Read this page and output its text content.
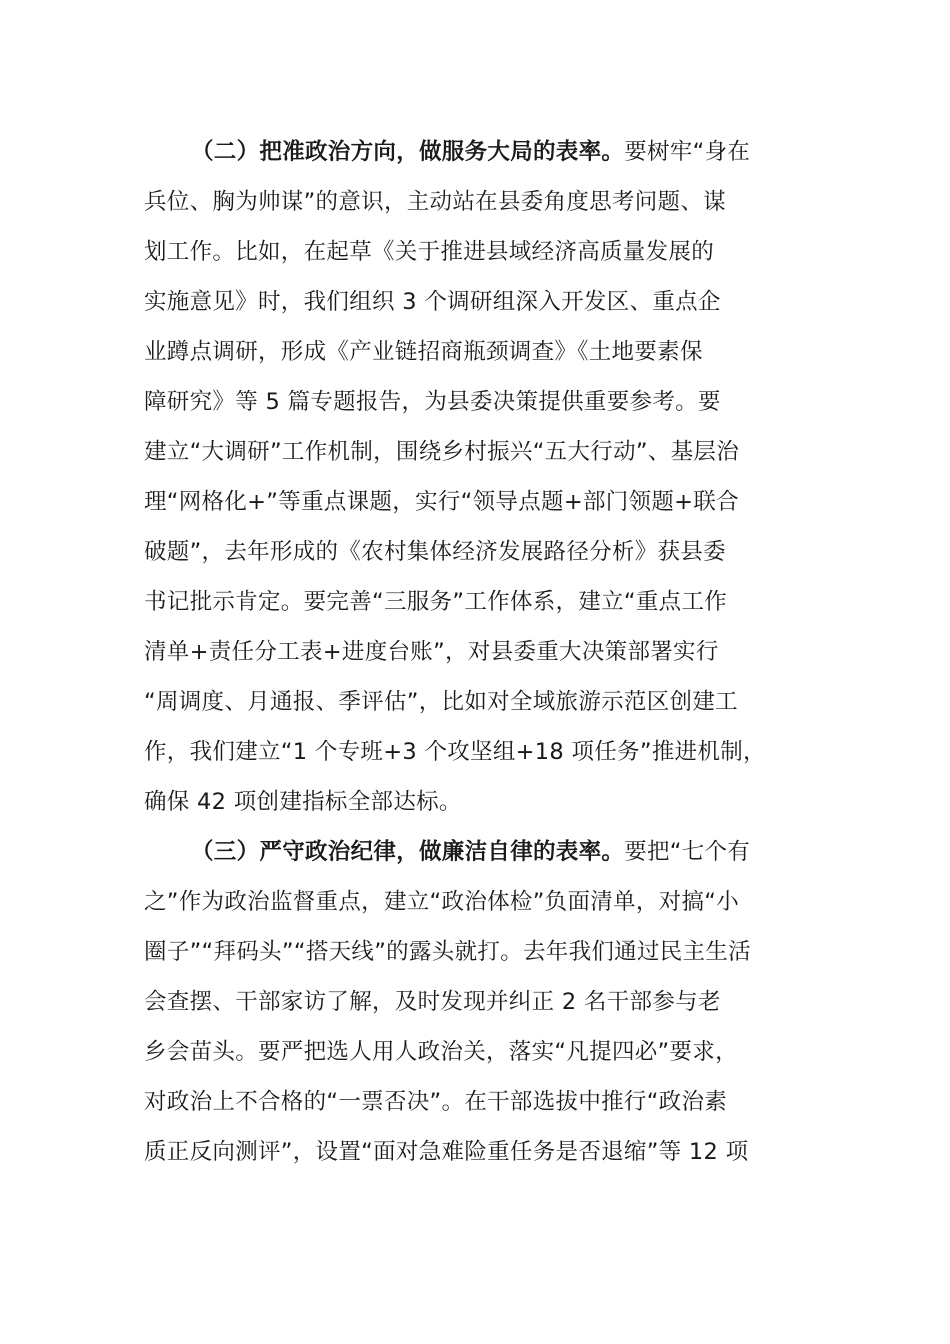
（二）把准政治方向，做服务大局的表率。要树牢“身在
兵位、胸为帅谋”的意识，主动站在县委角度思考问题、谋
划工作。比如，在起草《关于推进县域经济高质量发展的
实施意见》时，我们组织 3 个调研组深入开发区、重点企
业蹲点调研，形成《产业链招商瓶颈调查》《土地要素保
障研究》等 5 篇专题报告，为县委决策提供重要参考。要
建立“大调研”工作机制，围绕乡村振兴“五大行动”、基层治
理“网格化+”等重点课题，实行“领导点题+部门领题+联合
破题”，去年形成的《农村集体经济发展路径分析》获县委
书记批示肯定。要完善“三服务”工作体系，建立“重点工作
清单+责任分工表+进度台账”，对县委重大决策部署实行
“周调度、月通报、季评估”，比如对全域旅游示范区创建工
作，我们建立“1 个专班+3 个攻坚组+18 项任务”推进机制，
确保 42 项创建指标全部达标。
（三）严守政治纪律，做廉洁自律的表率。要把“七个有
之”作为政治监督重点，建立“政治体检”负面清单，对搞“小
圈子”“拜码头”“搭天线”的露头就打。去年我们通过民主生活
会查摆、干部家访了解，及时发现并纠正 2 名干部参与老
乡会苗头。要严把选人用人政治关，落实“凡提四必”要求，
对政治上不合格的“一票否决”。在干部选拔中推行“政治素
质正反向测评”，设置“面对急难险重任务是否退缩”等 12 项
